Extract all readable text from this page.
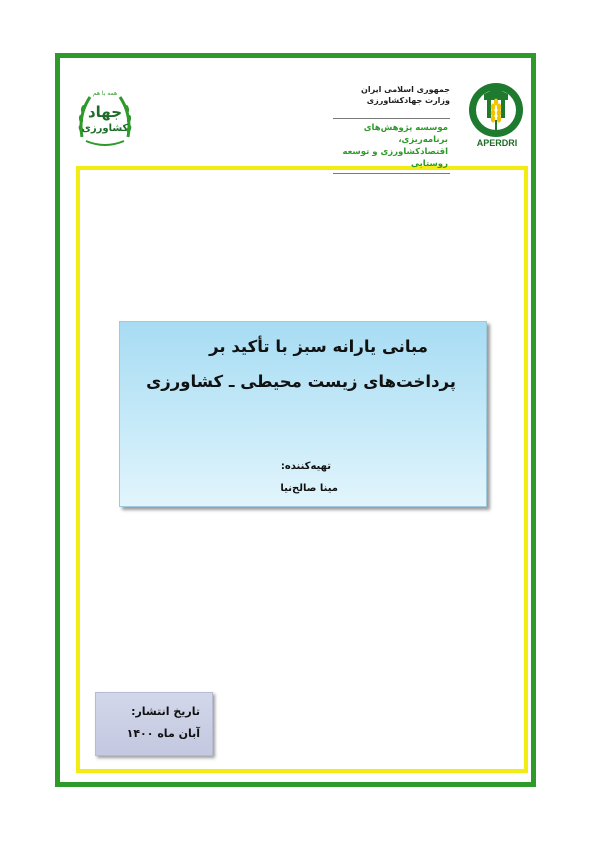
همه با هم
جهاد
کشاورزی
جمهوری اسلامی ایران
وزارت جهادکشاورزی
موسسه پژوهش‌های برنامه‌ریزی،
اقتصادکشاورزی و توسعه روستایی
APERDRI
مبانی یارانه سبز با تأکید بر
پرداخت‌های زیست محیطی ـ کشاورزی
تهیه‌کننده:
مینا صالح‌نیا
تاریخ انتشار:
آبان ماه ۱۴۰۰
